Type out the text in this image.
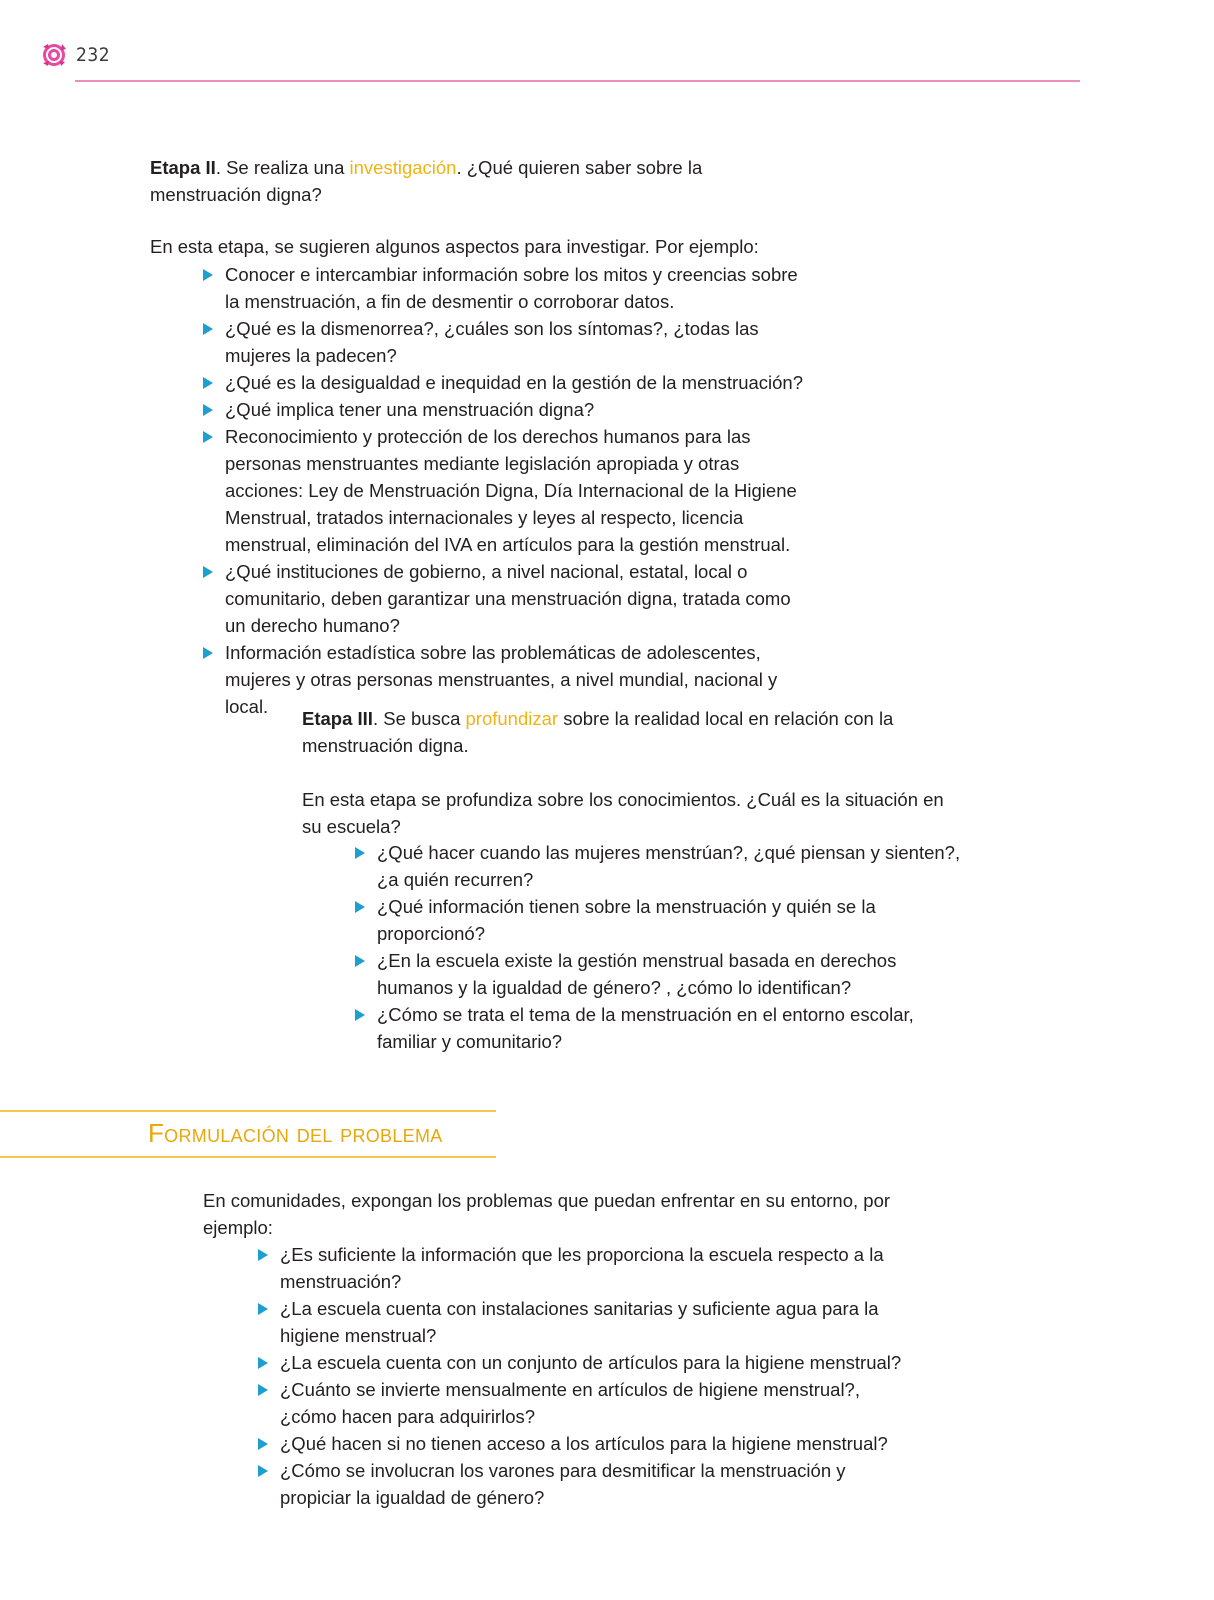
232

Etapa II. Se realiza una investigación. ¿Qué quieren saber sobre la menstruación digna?

En esta etapa, se sugieren algunos aspectos para investigar. Por ejemplo:

Conocer e intercambiar información sobre los mitos y creencias sobre la menstruación, a fin de desmentir o corroborar datos.
¿Qué es la dismenorrea?, ¿cuáles son los síntomas?, ¿todas las mujeres la padecen?
¿Qué es la desigualdad e inequidad en la gestión de la menstruación?
¿Qué implica tener una menstruación digna?
Reconocimiento y protección de los derechos humanos para las personas menstruantes mediante legislación apropiada y otras acciones: Ley de Menstruación Digna, Día Internacional de la Higiene Menstrual, tratados internacionales y leyes al respecto, licencia menstrual, eliminación del IVA en artículos para la gestión menstrual.
¿Qué instituciones de gobierno, a nivel nacional, estatal, local o comunitario, deben garantizar una menstruación digna, tratada como un derecho humano?
Información estadística sobre las problemáticas de adolescentes, mujeres y otras personas menstruantes, a nivel mundial, nacional y local.

Etapa III. Se busca profundizar sobre la realidad local en relación con la menstruación digna.

En esta etapa se profundiza sobre los conocimientos. ¿Cuál es la situación en su escuela?

¿Qué hacer cuando las mujeres menstrúan?, ¿qué piensan y sienten?, ¿a quién recurren?
¿Qué información tienen sobre la menstruación y quién se la proporcionó?
¿En la escuela existe la gestión menstrual basada en derechos humanos y la igualdad de género? , ¿cómo lo identifican?
¿Cómo se trata el tema de la menstruación en el entorno escolar, familiar y comunitario?
Formulación del problema

En comunidades, expongan los problemas que puedan enfrentar en su entorno, por ejemplo:

¿Es suficiente la información que les proporciona la escuela respecto a la menstruación?
¿La escuela cuenta con instalaciones sanitarias y suficiente agua para la higiene menstrual?
¿La escuela cuenta con un conjunto de artículos para la higiene menstrual?
¿Cuánto se invierte mensualmente en artículos de higiene menstrual?, ¿cómo hacen para adquirirlos?
¿Qué hacen si no tienen acceso a los artículos para la higiene menstrual?
¿Cómo se involucran los varones para desmitificar la menstruación y propiciar la igualdad de género?
